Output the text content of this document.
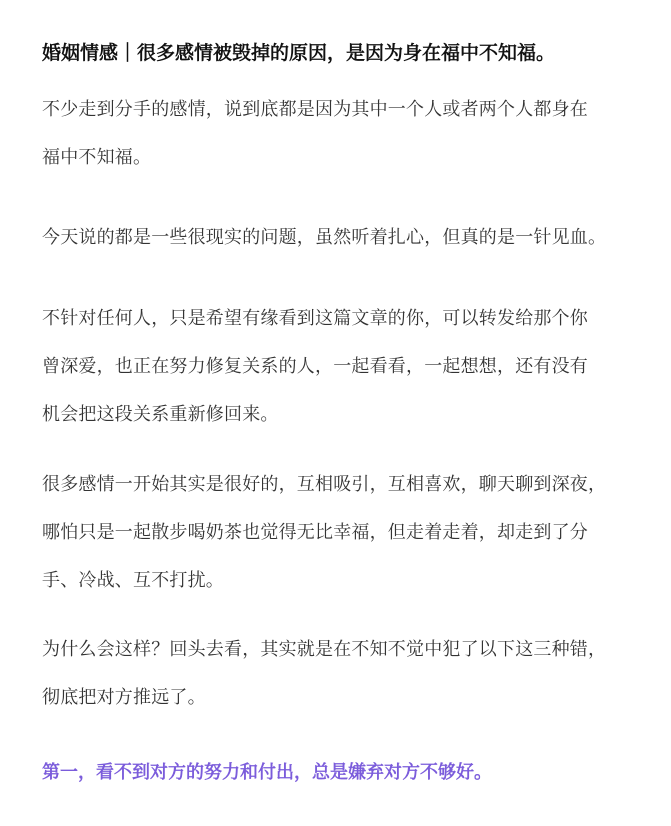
婚姻情感｜很多感情被毁掉的原因，是因为身在福中不知福。

不少走到分手的感情，说到底都是因为其中一个人或者两个人都身在
福中不知福。

今天说的都是一些很现实的问题，虽然听着扎心，但真的是一针见血。

不针对任何人，只是希望有缘看到这篇文章的你，可以转发给那个你
曾深爱，也正在努力修复关系的人，一起看看，一起想想，还有没有
机会把这段关系重新修回来。

很多感情一开始其实是很好的，互相吸引，互相喜欢，聊天聊到深夜，
哪怕只是一起散步喝奶茶也觉得无比幸福，但走着走着，却走到了分
手、冷战、互不打扰。

为什么会这样？回头去看，其实就是在不知不觉中犯了以下这三种错，
彻底把对方推远了。

第一，看不到对方的努力和付出，总是嫌弃对方不够好。
